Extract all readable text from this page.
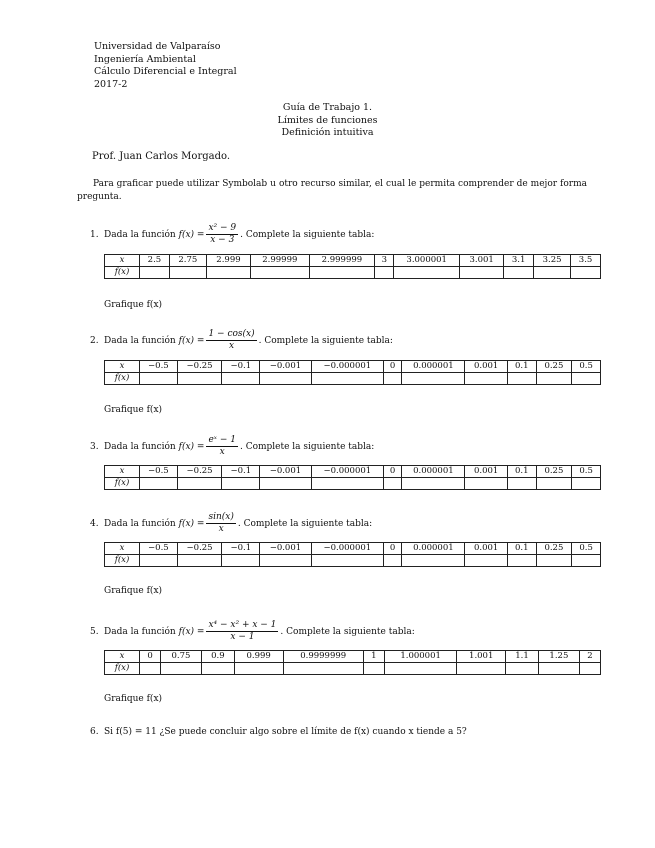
Universidad de Valparaíso
Ingeniería Ambiental
Cálculo Diferencial e Integral
2017-2
Guía de Trabajo 1.
Límites de funciones
Definición intuitiva
Prof. Juan Carlos Morgado.
Para graficar puede utilizar Symbolab u otro recurso similar, el cual le permita comprender de mejor forma pregunta.
1. Dada la función
$f(x) = \frac{\text{x² − 9}}{x - 3}$ . Complete la siguiente tabla:
x	2.5	2.75	2.999	2.99999	2.999999	3	3.000001	3.001	3.1	3.25	3.5
f(x)											
Grafique f(x)
2. Dada la función
$f(x) = \frac{1 - \cos(x)}{x}$ . Complete la siguiente tabla:
x	−0.5	−0.25	−0.1	−0.001	−0.000001	0	0.000001	0.001	0.1	0.25	0.5
f(x)											
Grafique f(x)
3. Dada la función
$f(x) = \frac{\text{eˣ − 1}}{x}$ . Complete la siguiente tabla:
x	−0.5	−0.25	−0.1	−0.001	−0.000001	0	0.000001	0.001	0.1	0.25	0.5
f(x)											
4. Dada la función
$f(x) = \frac{\sin(x)}{x}$ . Complete la siguiente tabla:
x	−0.5	−0.25	−0.1	−0.001	−0.000001	0	0.000001	0.001	0.1	0.25	0.5
f(x)											
Grafique f(x)
5. Dada la función
$f(x) = \frac{\text{x⁴ − x² + x − 1}}{x - 1}$ . Complete la siguiente tabla:
x	0	0.75	0.9	0.999	0.9999999	1	1.000001	1.001	1.1	1.25	2
f(x)											
Grafique f(x)
6. Si f(5) = 11 ¿Se puede concluir algo sobre el límite de f(x) cuando x tiende a 5?
